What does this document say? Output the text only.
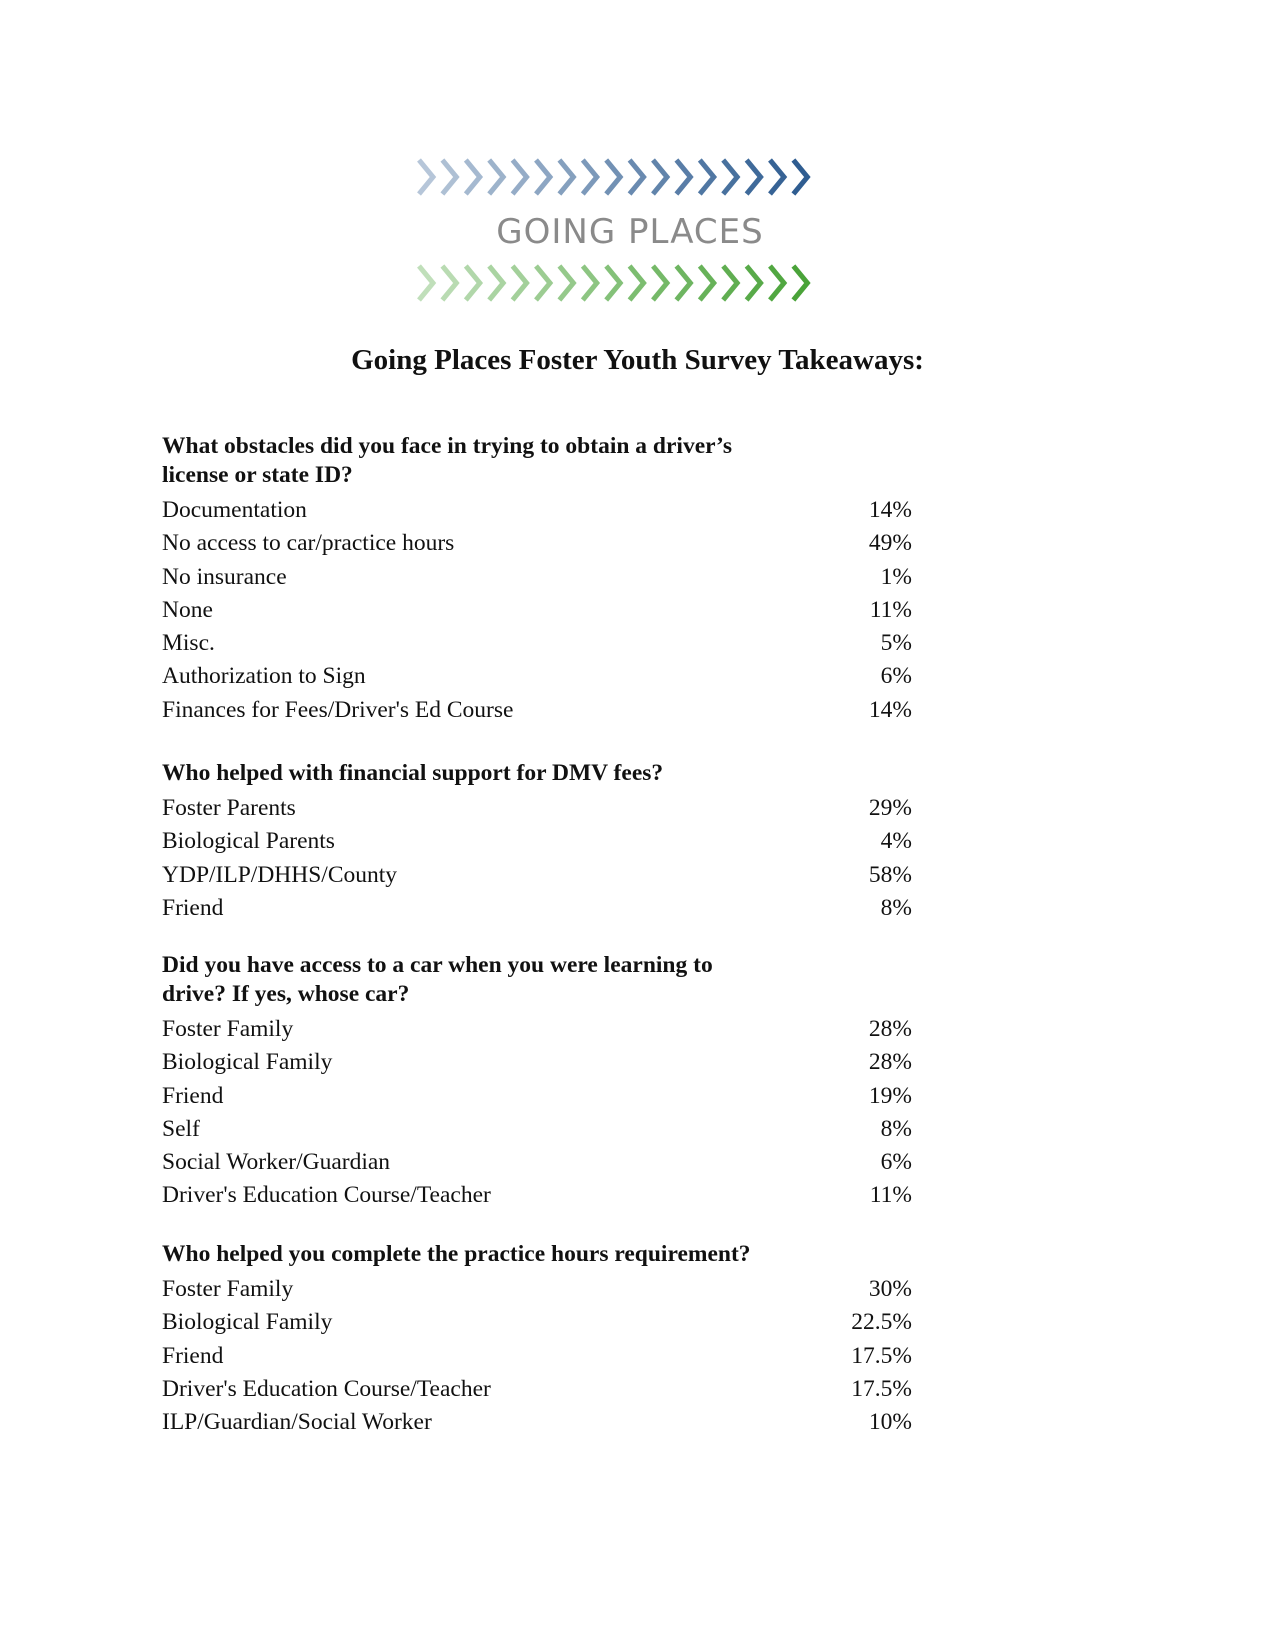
GOING PLACES
Going Places Foster Youth Survey Takeaways:
What obstacles did you face in trying to obtain a driver’s license or state ID?
Documentation	14%
No access to car/practice hours	49%
No insurance	1%
None	11%
Misc.	5%
Authorization to Sign	6%
Finances for Fees/Driver's Ed Course	14%
Who helped with financial support for DMV fees?
Foster Parents	29%
Biological Parents	4%
YDP/ILP/DHHS/County	58%
Friend	8%
Did you have access to a car when you were learning to drive? If yes, whose car?
Foster Family	28%
Biological Family	28%
Friend	19%
Self	8%
Social Worker/Guardian	6%
Driver's Education Course/Teacher	11%
Who helped you complete the practice hours requirement?
Foster Family	30%
Biological Family	22.5%
Friend	17.5%
Driver's Education Course/Teacher	17.5%
ILP/Guardian/Social Worker	10%
